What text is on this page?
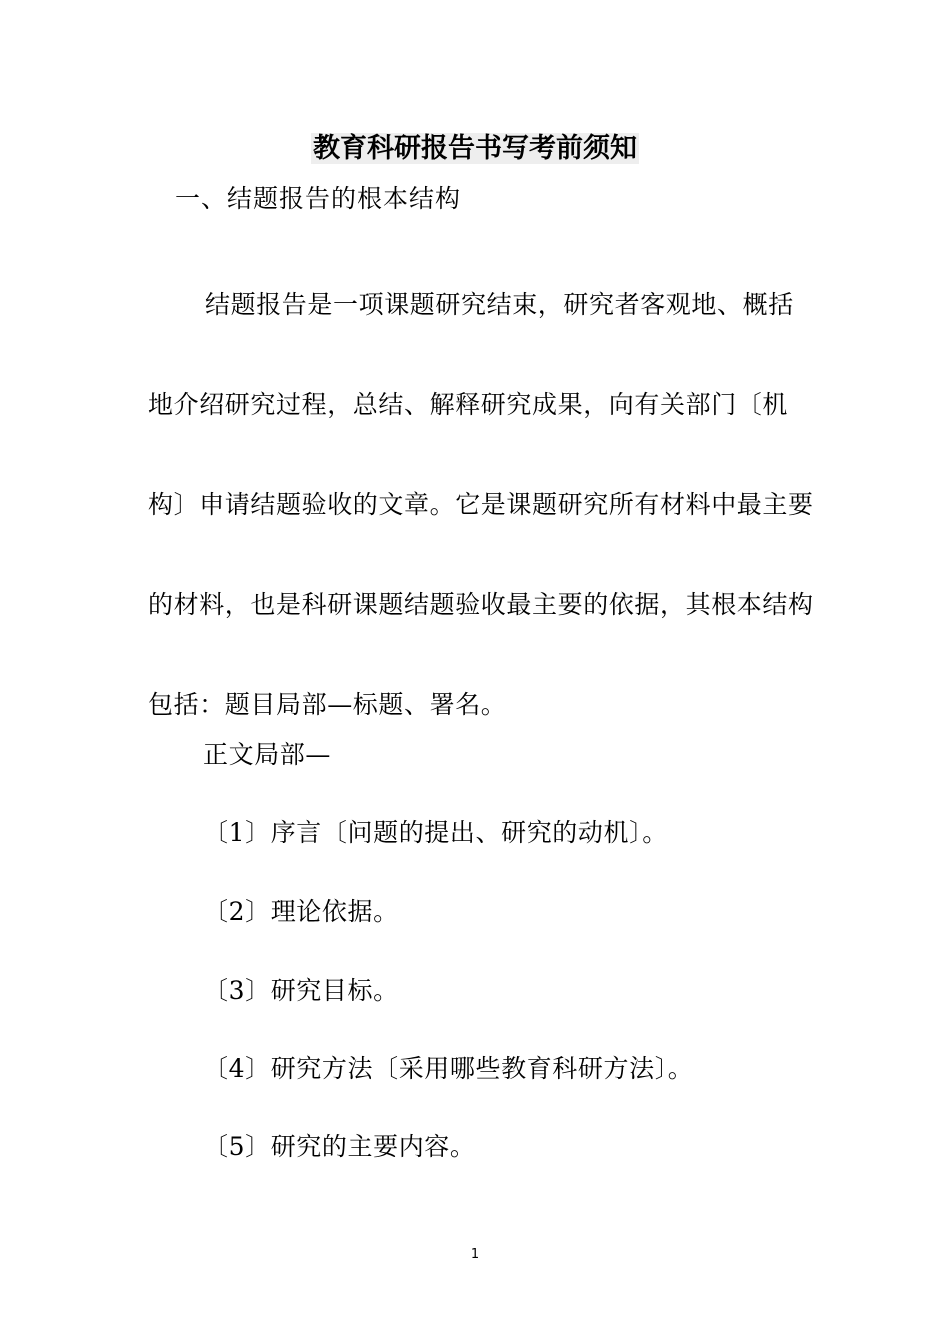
教育科研报告书写考前须知
一、结题报告的根本结构

结题报告是一项课题研究结束，研究者客观地、概括地介绍研究过程，总结、解释研究成果，向有关部门〔机构〕申请结题验收的文章。它是课题研究所有材料中最主要的材料，也是科研课题结题验收最主要的依据，其根本结构包括：题目局部—标题、署名。

正文局部—
〔1〕序言〔问题的提出、研究的动机〕。
〔2〕理论依据。
〔3〕研究目标。
〔4〕研究方法〔采用哪些教育科研方法〕。
〔5〕研究的主要内容。
1
